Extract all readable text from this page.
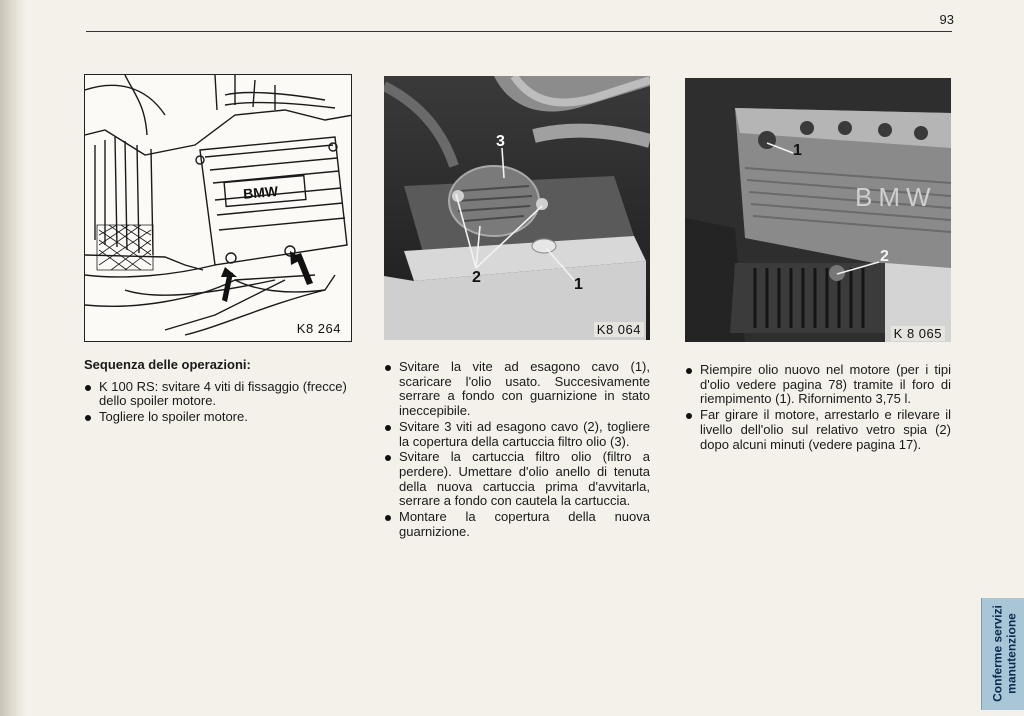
93
BMW
K8 264
3
2	1
K8 064
BMW
1
2
K 8 065
Sequenza delle operazioni:
K 100 RS: svitare 4 viti di fissaggio (frecce) dello spoiler motore.
Togliere lo spoiler motore.
Svitare la vite ad esagono cavo (1), scaricare l'olio usato. Succesivamente serrare a fondo con guarnizione in stato ineccepibile.
Svitare 3 viti ad esagono cavo (2), togliere la copertura della cartuccia filtro olio (3).
Svitare la cartuccia filtro olio (filtro a perdere). Umettare d'olio anello di tenuta della nuova cartuccia prima d'avvitarla, serrare a fondo con cautela la cartuccia.
Montare la copertura della nuova guarnizione.
Riempire olio nuovo nel motore (per i tipi d'olio vedere pagina 78) tramite il foro di riempimento (1). Rifornimento 3,75 l.
Far girare il motore, arrestarlo e rilevare il livello dell'olio sul relativo vetro spia (2) dopo alcuni minuti (vedere pagina 17).
Conferme servizi manutenzione
